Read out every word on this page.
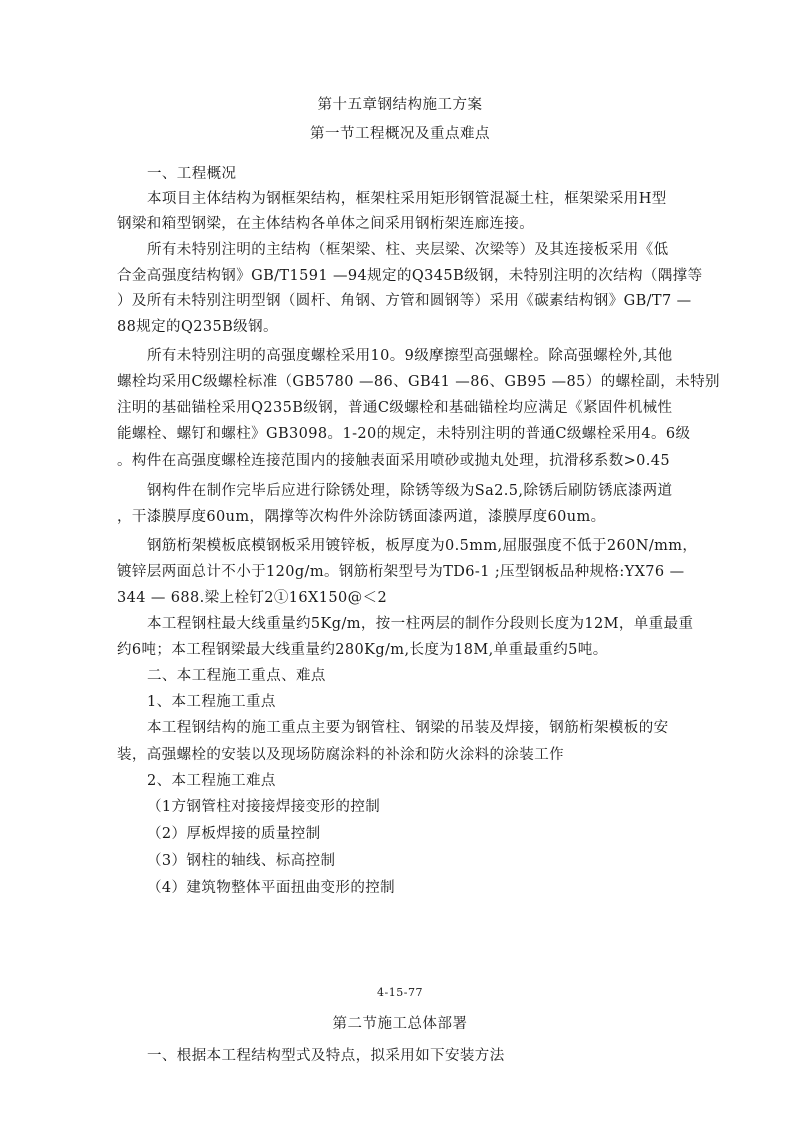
第十五章钢结构施工方案
第一节工程概况及重点难点
一、工程概况
本项目主体结构为钢框架结构，框架柱采用矩形钢管混凝土柱，框架梁采用H型
钢梁和箱型钢梁，在主体结构各单体之间采用钢桁架连廊连接。
所有未特别注明的主结构（框架梁、柱、夹层梁、次梁等）及其连接板采用《低
合金高强度结构钢》GB/T1591 —94规定的Q345B级钢，未特别注明的次结构（隅撑等
）及所有未特别注明型钢（圆杆、角钢、方管和圆钢等）采用《碳素结构钢》GB/T7 —
88规定的Q235B级钢。
所有未特别注明的高强度螺栓采用10。9级摩擦型高强螺栓。除高强螺栓外,其他
螺栓均采用C级螺栓标准（GB5780 —86、GB41 —86、GB95 —85）的螺栓副，未特别
注明的基础锚栓采用Q235B级钢，普通C级螺栓和基础锚栓均应满足《紧固件机械性
能螺栓、螺钉和螺柱》GB3098。1-20的规定，未特别注明的普通C级螺栓采用4。6级
。构件在高强度螺栓连接范围内的接触表面采用喷砂或抛丸处理，抗滑移系数>0.45
钢构件在制作完毕后应进行除锈处理，除锈等级为Sa2.5,除锈后刷防锈底漆两道
，干漆膜厚度60um，隅撑等次构件外涂防锈面漆两道，漆膜厚度60um。
钢筋桁架模板底模钢板采用镀锌板，板厚度为0.5mm,屈服强度不低于260N/mm，
镀锌层两面总计不小于120g/m。钢筋桁架型号为TD6-1 ;压型钢板品种规格:YX76 —
344 — 688.梁上栓钉2①16X150@＜2
本工程钢柱最大线重量约5Kg/m，按一柱两层的制作分段则长度为12M，单重最重
约6吨；本工程钢梁最大线重量约280Kg/m,长度为18M,单重最重约5吨。
二、本工程施工重点、难点
1、本工程施工重点
本工程钢结构的施工重点主要为钢管柱、钢梁的吊装及焊接，钢筋桁架模板的安
装，高强螺栓的安装以及现场防腐涂料的补涂和防火涂料的涂装工作
2、本工程施工难点
（1方钢管柱对接接焊接变形的控制
（2）厚板焊接的质量控制
（3）钢柱的轴线、标高控制
（4）建筑物整体平面扭曲变形的控制
4-15-77
第二节施工总体部署
一、根据本工程结构型式及特点，拟采用如下安装方法
